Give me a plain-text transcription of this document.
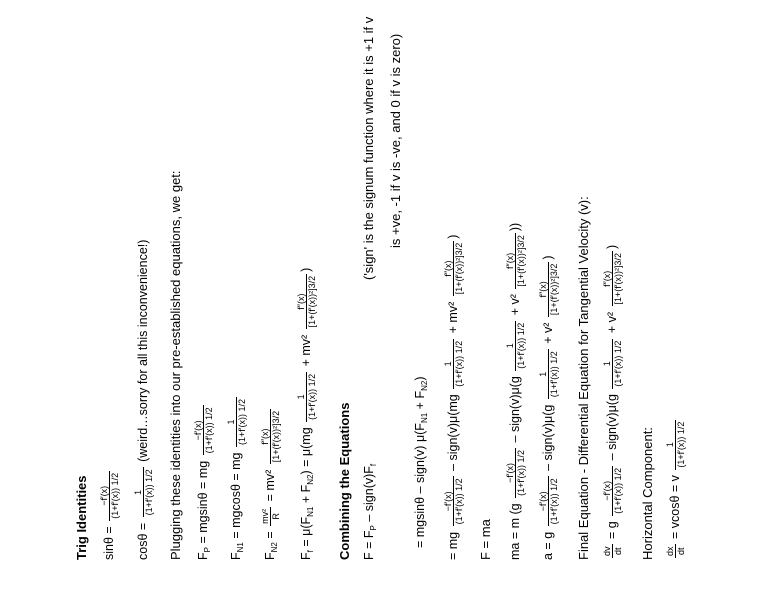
Trig Identities sinθ =
−f′(x) (1+f′(x)) 1/2
cosθ =
1 (1+f′(x)) 1/2
(weird…sorry for all this inconvenience!)	Plugging these identities into our pre-established equations, we get: $F_P = mgsin\theta$ = mg
−f′(x) (1+f′(x)) 1/2
$F_{N1} = mgcos\theta$ = mg
1 (1+f′(x)) 1/2
$F_{N2}$ =
mv² R
= mv²
f″(x) [1+(f′(x))²]3/2
$F_f = \mu(F_{N1} + F_{N2}) = \mu(mg$
1 (1+f′(x)) 1/2
+ mv²
f″(x) [1+(f′(x))²]3/2
)
Combining the Equations $F = F_P$ – $sign(v)F_f$
('sign' is the signum function where it is +1 if v is +ve, -1 if v is -ve, and 0 if v is zero)
= mgsinθ – sign(v) $\mu(F_{N1} + F_{N2})$
= mg
−f′(x) (1+f′(x)) 1/2
– sign(v)μ(mg
1 (1+f′(x)) 1/2
+ mv²
f″(x) [1+(f′(x))²]3/2
)
F = ma ma = m (g
−f′(x) (1+f′(x)) 1/2
– sign(v)μ(g
1 (1+f′(x)) 1/2
+ v²
f″(x) [1+(f′(x))²]3/2
))
a = g
−f′(x) (1+f′(x)) 1/2
– sign(v)μ(g
1 (1+f′(x)) 1/2
+ v²
f″(x) [1+(f′(x))²]3/2
)	Final Equation - Differential Equation for Tangential Velocity (v): dv dt
= g
−f′(x) (1+f′(x)) 1/2
– sign(v)μ(g
1 (1+f′(x)) 1/2
+ v²
f″(x) [1+(f′(x))²]3/2
)
Horizontal Component: dx dt
= vcosθ = v
1 (1+f′(x)) 1/2
